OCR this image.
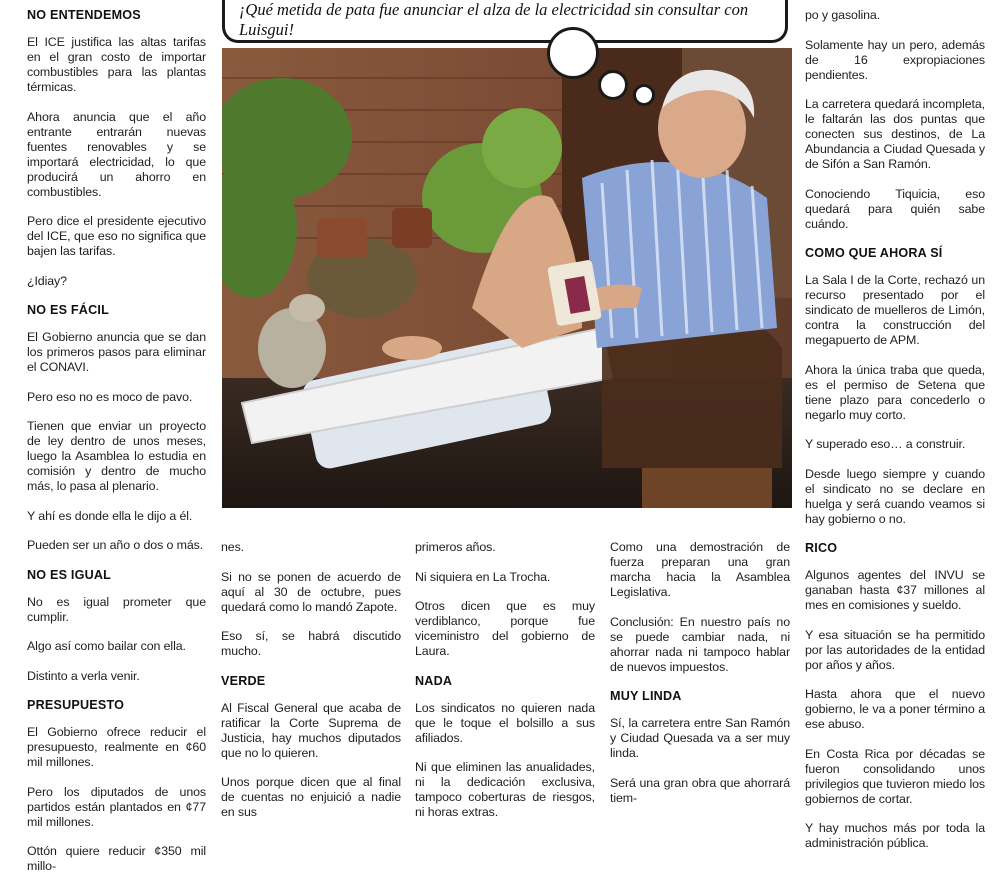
NO ENTENDEMOS

El ICE justifica las altas tarifas en el gran costo de importar combustibles para las plantas térmicas.

Ahora anuncia que el año entrante entrarán nuevas fuentes renovables y se importará electricidad, lo que producirá un ahorro en combustibles.

Pero dice el presidente ejecutivo del ICE, que eso no significa que bajen las tarifas.

¿Idiay?

NO ES FÁCIL

El Gobierno anuncia que se dan los primeros pasos para eliminar el CONAVI.

Pero eso no es moco de pavo.

Tienen que enviar un proyecto de ley dentro de unos meses, luego la Asamblea lo estudia en comisión y dentro de mucho más, lo pasa al plenario.

Y ahí es donde ella le dijo a él.

Pueden ser un año o dos o más.

NO ES IGUAL

No es igual prometer que cumplir.

Algo así como bailar con ella.

Distinto a verla venir.

PRESUPUESTO

El Gobierno ofrece reducir el presupuesto, realmente en ¢60 mil millones.

Pero los diputados de unos partidos están plantados en ¢77 mil millones.

Ottón quiere reducir ¢350 mil millo-

nes.

Si no se ponen de acuerdo de aquí al 30 de octubre, pues quedará como lo mandó Zapote.

Eso sí, se habrá discutido mucho.

VERDE

Al Fiscal General que acaba de ratificar la Corte Suprema de Justicia, hay muchos diputados que no lo quieren.

Unos porque dicen que al final de cuentas no enjuició a nadie en sus

primeros años.

Ni siquiera en La Trocha.

Otros dicen que es muy verdiblanco, porque fue viceministro del gobierno de Laura.

NADA

Los sindicatos no quieren nada que le toque el bolsillo a sus afiliados.

Ni que eliminen las anualidades, ni la dedicación exclusiva, tampoco coberturas de riesgos, ni horas extras.

Como una demostración de fuerza preparan una gran marcha hacia la Asamblea Legislativa.

Conclusión: En nuestro país no se puede cambiar nada, ni ahorrar nada ni tampoco hablar de nuevos impuestos.

MUY LINDA

Sí, la carretera entre San Ramón y Ciudad Quesada va a ser muy linda.

Será una gran obra que ahorrará tiem-

po y gasolina.

Solamente hay un pero, además de 16 expropiaciones pendientes.

La carretera quedará incompleta, le faltarán las dos puntas que conecten sus destinos, de La Abundancia a Ciudad Quesada y de Sifón a San Ramón.

Conociendo Tiquicia, eso quedará para quién sabe cuándo.

COMO QUE AHORA SÍ

La Sala I de la Corte, rechazó un recurso presentado por el sindicato de muelleros de Limón, contra la construcción del megapuerto de APM.

Ahora la única traba que queda, es el permiso de Setena que tiene plazo para concederlo o negarlo muy corto.

Y superado eso… a construir.

Desde luego siempre y cuando el sindicato no se declare en huelga y será cuando veamos si hay gobierno o no.

RICO

Algunos agentes del INVU se ganaban hasta ¢37 millones al mes en comisiones y sueldo.

Y esa situación se ha permitido por las autoridades de la entidad por años y años.

Hasta ahora que el nuevo gobierno, le va a poner término a ese abuso.

En Costa Rica por décadas se fueron consolidando unos privilegios que tuvieron miedo los gobiernos de cortar.

Y hay muchos más por toda la administración pública.

¡Qué metida de pata fue anunciar el alza de la electricidad sin consultar con Luisgui!
